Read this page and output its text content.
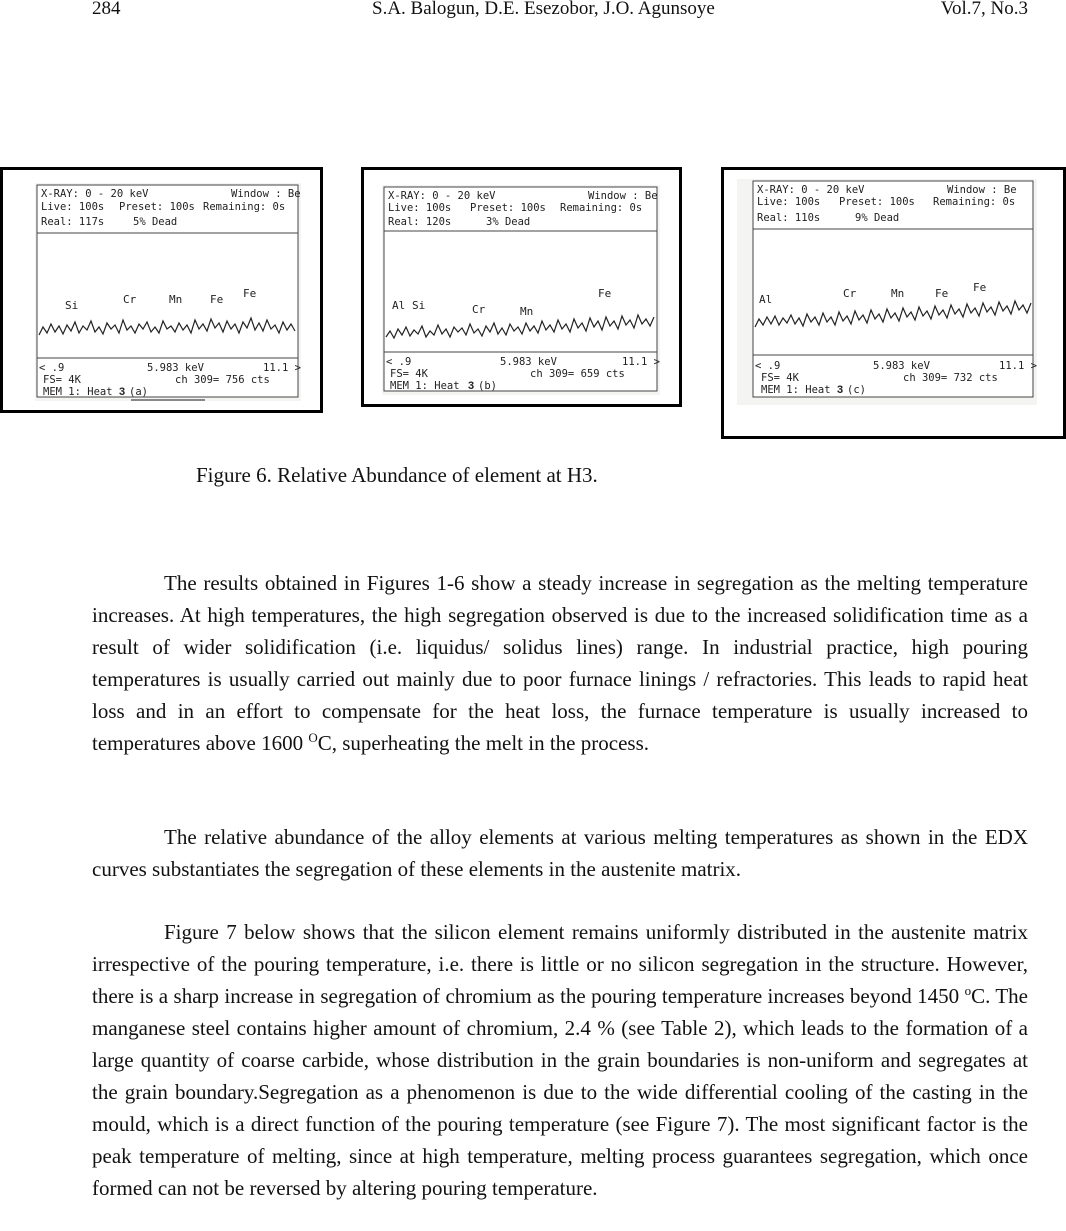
284	S.A. Balogun, D.E. Esezobor, J.O. Agunsoye	Vol.7, No.3
X-RAY: 0 - 20 keV	Window : Be
Live: 100s Preset: 100s Remaining: 0s
Real: 117s	5% Dead
Si	Cr	Mn	Fe Fe
< .9	5.983 keV	11.1 >
FS= 4K	ch 309= 756 cts
MEM 1: Heat 3 (a)
X-RAY: 0 - 20 keV	Window : Be
Live: 100s Preset: 100s Remaining: 0s
Real: 120s	3% Dead
Al Si	Cr	Mn
Fe
< .9	5.983 keV	11.1 >
FS= 4K	ch 309= 659 cts
MEM 1: Heat 3 (b)
X-RAY: 0 - 20 keV	Window : Be
Live: 100s Preset: 100s Remaining: 0s
Real: 110s	9% Dead
Al	Cr	Mn	Fe Fe
< .9	5.983 keV	11.1 >
FS= 4K	ch 309= 732 cts
MEM 1: Heat 3 (c)
Figure 6. Relative Abundance of element at H3.

The results obtained in Figures 1-6 show a steady increase in segregation as the melting temperature increases. At high temperatures, the high segregation observed is due to the increased solidification time as a result of wider solidification (i.e. liquidus/ solidus lines) range. In industrial practice, high pouring temperatures is usually carried out mainly due to poor furnace linings / refractories. This leads to rapid heat loss and in an effort to compensate for the heat loss, the furnace temperature is usually increased to temperatures above 1600 $^O$C, superheating the melt in the process.

The relative abundance of the alloy elements at various melting temperatures as shown in the EDX curves substantiates the segregation of these elements in the austenite matrix.

Figure 7 below shows that the silicon element remains uniformly distributed in the austenite matrix irrespective of the pouring temperature, i.e. there is little or no silicon segregation in the structure. However, there is a sharp increase in segregation of chromium as the pouring temperature increases beyond 1450 $^o$C. The manganese steel contains higher amount of chromium, 2.4 % (see Table 2), which leads to the formation of a large quantity of coarse carbide, whose distribution in the grain boundaries is non-uniform and segregates at the grain boundary.Segregation as a phenomenon is due to the wide differential cooling of the casting in the mould, which is a direct function of the pouring temperature (see Figure 7). The most significant factor is the peak temperature of melting, since at high temperature, melting process guarantees segregation, which once formed can not be reversed by altering pouring temperature.
